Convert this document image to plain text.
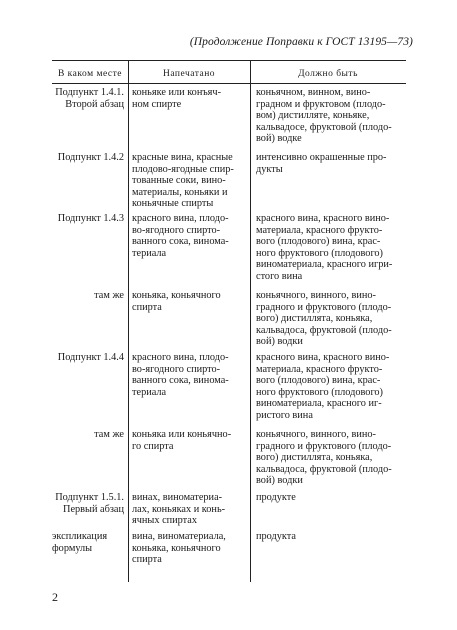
(Продолжение Поправки к ГОСТ 13195—73)
В каком месте	Напечатано	Должно быть
Подпункт 1.4.1.
Второй абзац
коньяке или конъяч-
ном спирте
коньячном, винном, вино-
градном и фруктовом (плодо-
вом) дистилляте, коньяке,
кальвадосе, фруктовой (плодо-
вой) водке
Подпункт 1.4.2 красные вина, красные
плодово-ягодные спир-
тованные соки, вино-
материалы, коньяки и
коньячные спирты
интенсивно окрашенные про-
дукты
Подпункт 1.4.3 красного вина, плодо-
во-ягодного спирто-
ванного сока, винома-
териала
красного вина, красного вино-
материала, красного фрукто-
вого (плодового) вина, крас-
ного фруктового (плодового)
виноматериала, красного игри-
стого вина
там же коньяка, коньячного
спирта
коньячного, винного, вино-
градного и фруктового (плодо-
вого) дистиллята, коньяка,
кальвадоса, фруктовой (плодо-
вой) водки
Подпункт 1.4.4 красного вина, плодо-
во-ягодного спирто-
ванного сока, винома-
териала
красного вина, красного вино-
материала, красного фрукто-
вого (плодового) вина, крас-
ного фруктового (плодового)
виноматериала, красного иг-
ристого вина
там же коньяка или коньячно-
го спирта
коньячного, винного, вино-
градного и фруктового (плодо-
вого) дистиллята, коньяка,
кальвадоса, фруктовой (плодо-
вой) водки
Подпункт 1.5.1.
Первый абзац
винах, виноматериа-
лах, коньяках и конь-
ячных спиртах
продукте
экспликация
формулы
вина, виноматериала,
коньяка, коньячного
спирта
продукта
2
